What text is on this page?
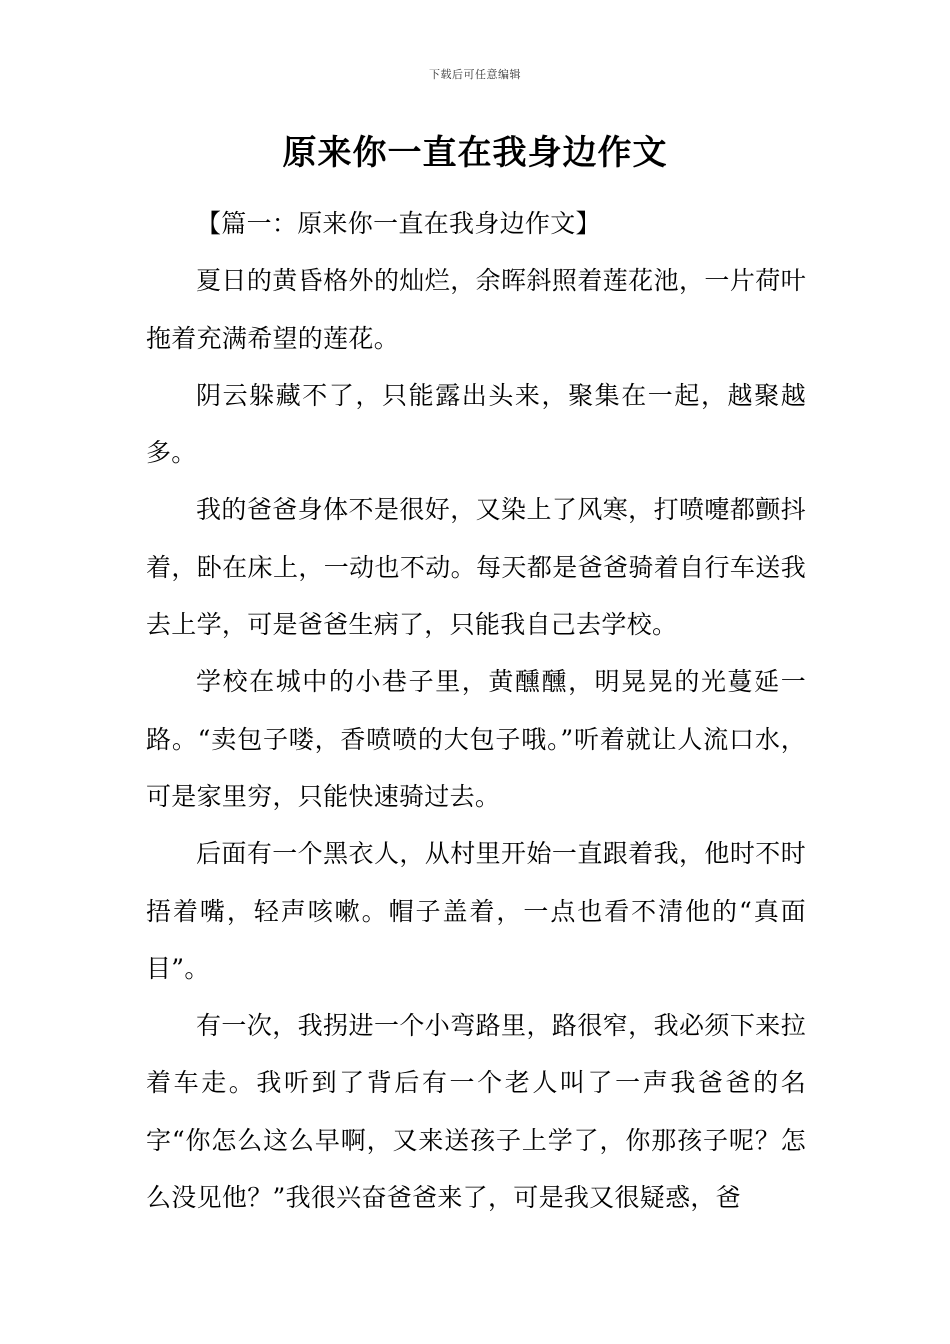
下载后可任意编辑
原来你一直在我身边作文

【篇一：原来你一直在我身边作文】

夏日的黄昏格外的灿烂，余晖斜照着莲花池，一片荷叶拖着充满希望的莲花。

阴云躲藏不了，只能露出头来，聚集在一起，越聚越多。

我的爸爸身体不是很好，又染上了风寒，打喷嚏都颤抖着，卧在床上，一动也不动。每天都是爸爸骑着自行车送我去上学，可是爸爸生病了，只能我自己去学校。

学校在城中的小巷子里，黄醺醺，明晃晃的光蔓延一路。“卖包子喽，香喷喷的大包子哦。”听着就让人流口水，可是家里穷，只能快速骑过去。

后面有一个黑衣人，从村里开始一直跟着我，他时不时捂着嘴，轻声咳嗽。帽子盖着，一点也看不清他的“真面目”。

有一次，我拐进一个小弯路里，路很窄，我必须下来拉着车走。我听到了背后有一个老人叫了一声我爸爸的名字“你怎么这么早啊，又来送孩子上学了，你那孩子呢？怎么没见他？”我很兴奋爸爸来了，可是我又很疑惑，爸
